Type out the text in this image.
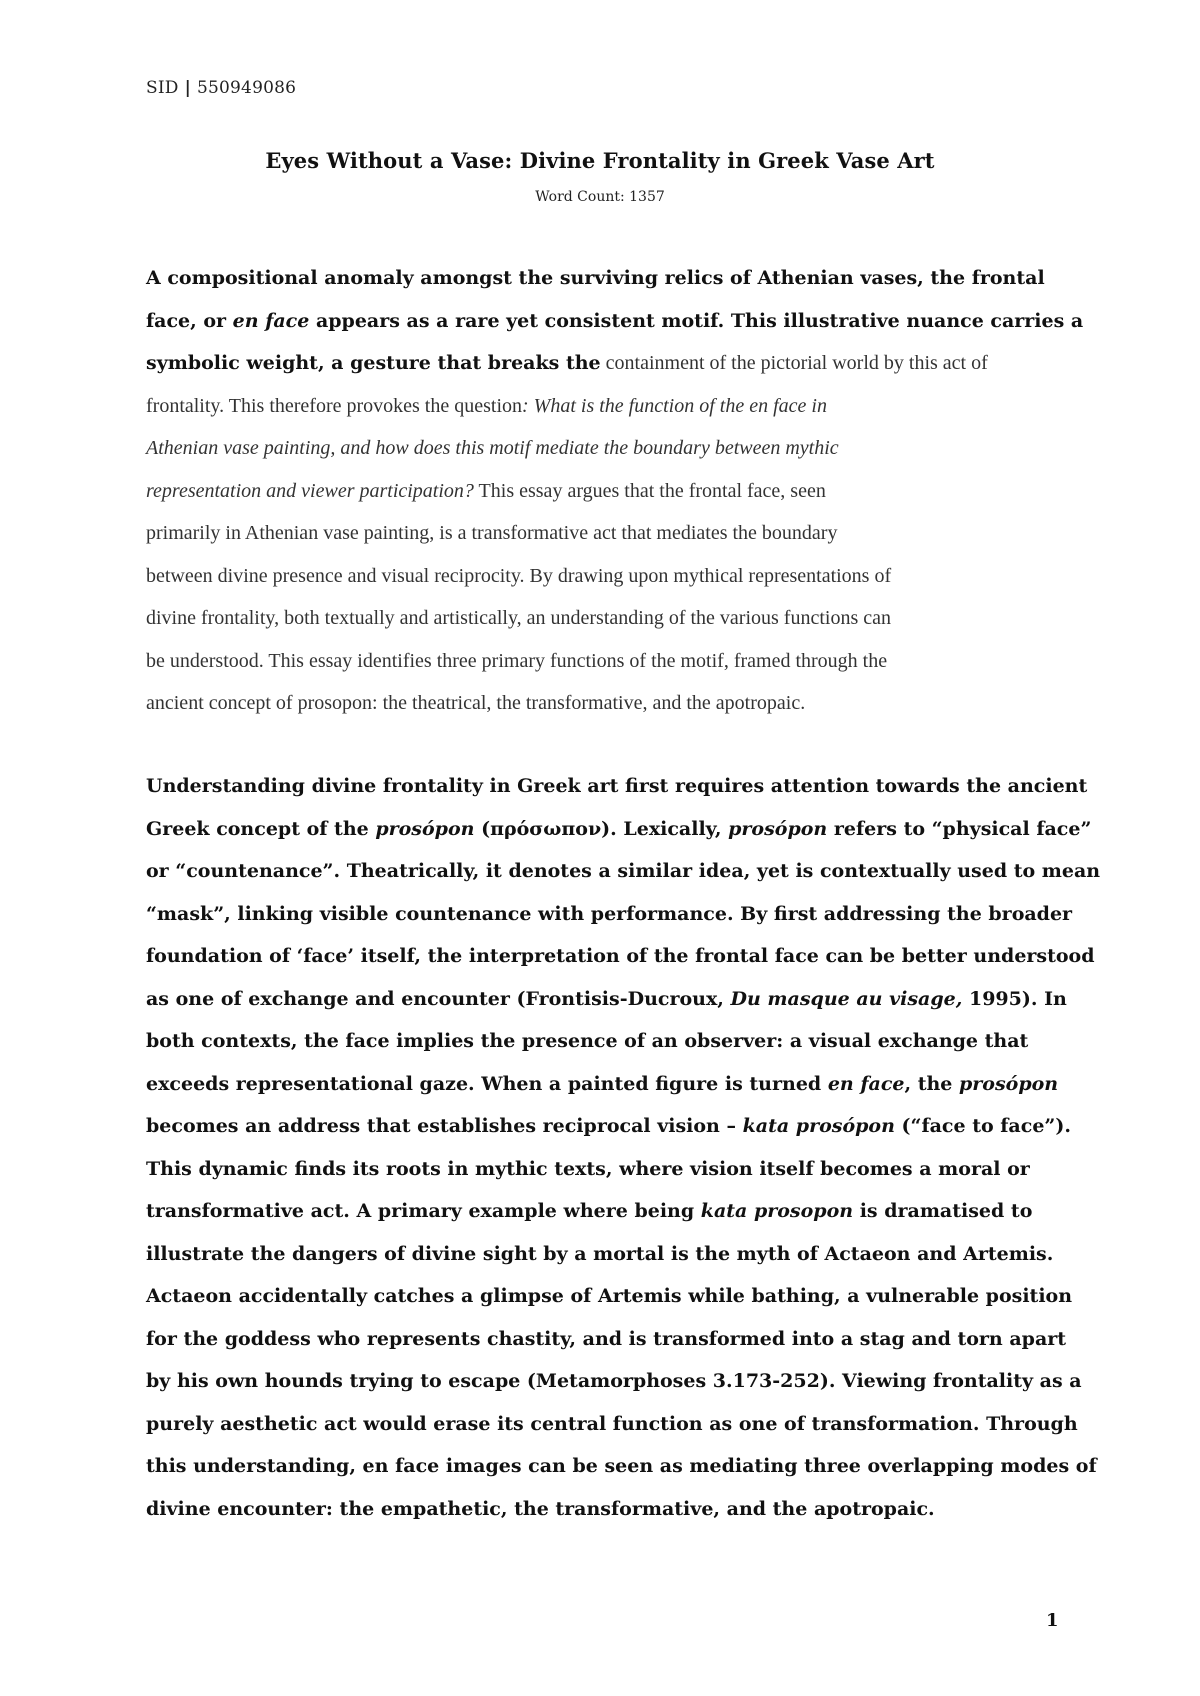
SID | 550949086
Eyes Without a Vase: Divine Frontality in Greek Vase Art
Word Count: 1357
A compositional anomaly amongst the surviving relics of Athenian vases, the frontal
face, or en face appears as a rare yet consistent motif. This illustrative nuance carries a
symbolic weight, a gesture that breaks the containment of the pictorial world by this act of
frontality. This therefore provokes the question: What is the function of the en face in
Athenian vase painting, and how does this motif mediate the boundary between mythic
representation and viewer participation? This essay argues that the frontal face, seen
primarily in Athenian vase painting, is a transformative act that mediates the boundary
between divine presence and visual reciprocity. By drawing upon mythical representations of
divine frontality, both textually and artistically, an understanding of the various functions can
be understood. This essay identifies three primary functions of the motif, framed through the
ancient concept of prosopon: the theatrical, the transformative, and the apotropaic.
Understanding divine frontality in Greek art first requires attention towards the ancient
Greek concept of the prosópon (πρόσωπον). Lexically, prosópon refers to “physical face”
or “countenance”. Theatrically, it denotes a similar idea, yet is contextually used to mean
“mask”, linking visible countenance with performance. By first addressing the broader
foundation of ‘face’ itself, the interpretation of the frontal face can be better understood
as one of exchange and encounter (Frontisis-Ducroux, Du masque au visage, 1995). In
both contexts, the face implies the presence of an observer: a visual exchange that
exceeds representational gaze. When a painted figure is turned en face, the prosópon
becomes an address that establishes reciprocal vision – kata prosópon (“face to face”).
This dynamic finds its roots in mythic texts, where vision itself becomes a moral or
transformative act. A primary example where being kata prosopon is dramatised to
illustrate the dangers of divine sight by a mortal is the myth of Actaeon and Artemis.
Actaeon accidentally catches a glimpse of Artemis while bathing, a vulnerable position
for the goddess who represents chastity, and is transformed into a stag and torn apart
by his own hounds trying to escape (Metamorphoses 3.173-252). Viewing frontality as a
purely aesthetic act would erase its central function as one of transformation. Through
this understanding, en face images can be seen as mediating three overlapping modes of
divine encounter: the empathetic, the transformative, and the apotropaic.
1
